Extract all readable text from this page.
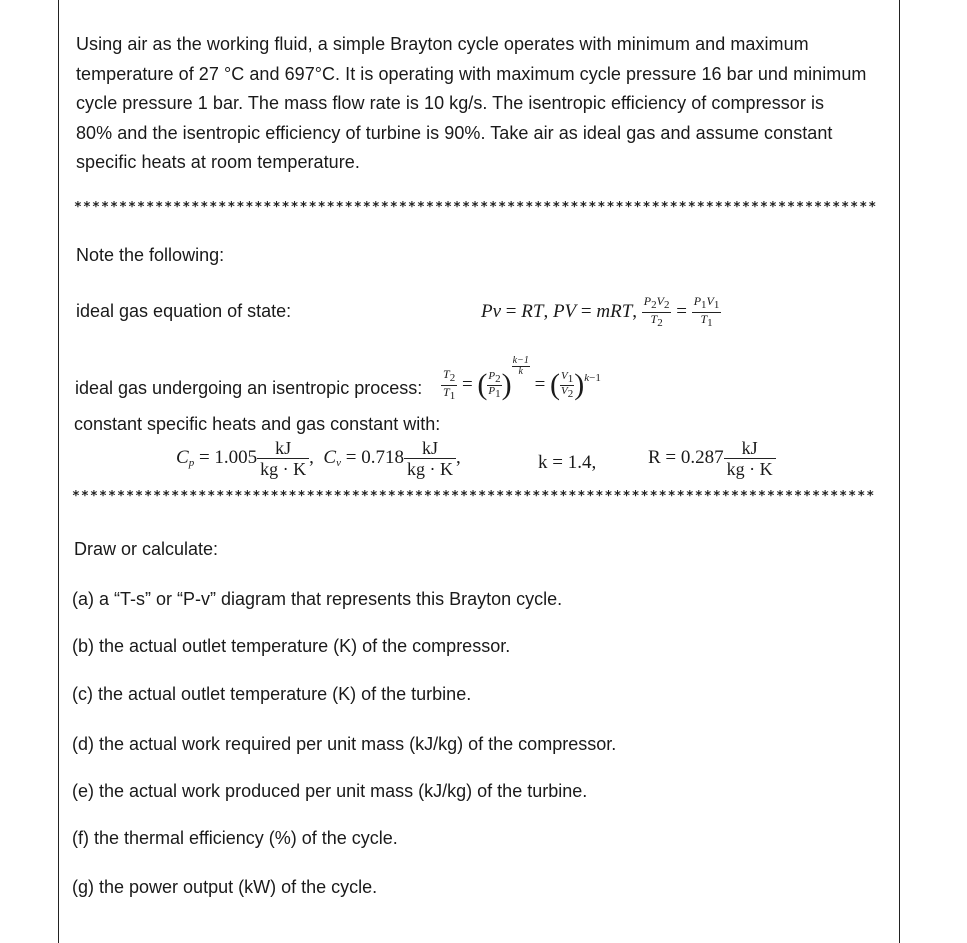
Using air as the working fluid, a simple Brayton cycle operates with minimum and maximum
temperature of 27 °C and 697°C. It is operating with maximum cycle pressure 16 bar und minimum
cycle pressure 1 bar. The mass flow rate is 10 kg/s. The isentropic efficiency of compressor is
80% and the isentropic efficiency of turbine is 90%. Take air as ideal gas and assume constant
specific heats at room temperature.
*****************************************************************************************
Note the following:
ideal gas equation of state:	Pv = RT, PV = mRT, $\frac{P2V2}{T2} = \frac{P1V1}{T1}$
ideal gas undergoing an isentropic process: $\frac{T2}{T1}$ = ( $\frac{P2}{P1}$ )
$\frac{k-1}{k}$
= ( $\frac{V1}{V2} )^{k-1}$
constant specific heats and gas constant with:
$C_p = 1.005 \frac{kJ}{kg \cdot K}$ ,  $C_v = 0.718 \frac{kJ}{kg \cdot K}$ ,	k = 1.4,	$R = 0.287 \frac{kJ}{kg \cdot K}$
*****************************************************************************************
Draw or calculate:
(a) a “T-s” or “P-v” diagram that represents this Brayton cycle.
(b) the actual outlet temperature (K) of the compressor.
(c) the actual outlet temperature (K) of the turbine.
(d) the actual work required per unit mass (kJ/kg) of the compressor.
(e) the actual work produced per unit mass (kJ/kg) of the turbine.
(f) the thermal efficiency (%) of the cycle.
(g) the power output (kW) of the cycle.
